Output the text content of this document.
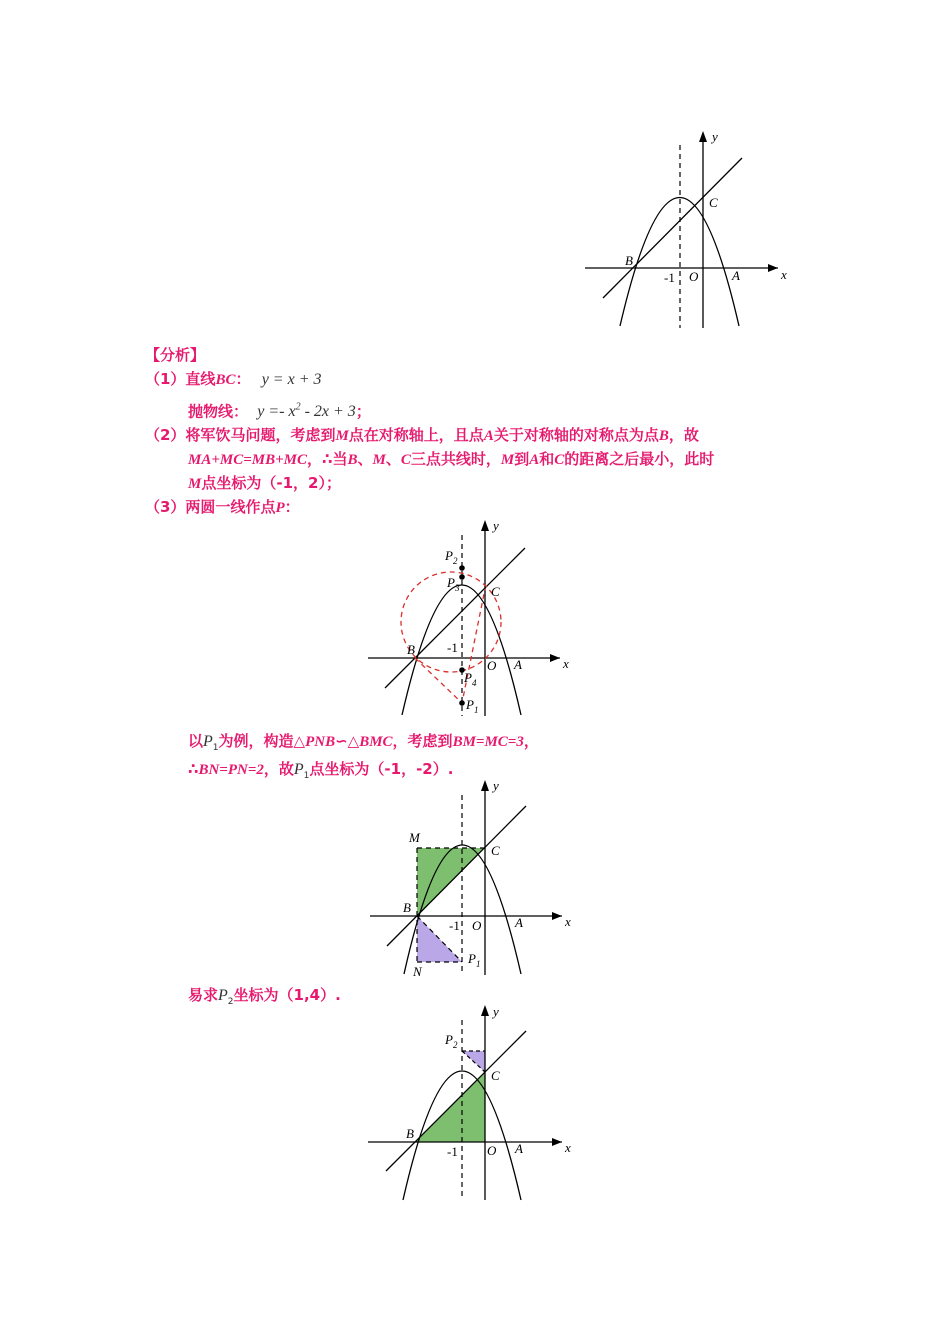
y
x
C
B
A
O
-1
【分析】
（1）直线BC： y = x + 3
抛物线： $y =- x^2 - 2x + 3$；
（2）将军饮马问题，考虑到M点在对称轴上，且点A关于对称轴的对称点为点B，故
MA+MC=MB+MC，∴当B、M、C三点共线时，M到A和C的距离之后最小，此时
M点坐标为（-1，2）；
（3）两圆一线作点P：
y
x
C
B
A
O
-1
$P_2$
$P_3$
$P_4$
$P_1$
以$P_1$为例，构造△PNB∽△BMC，考虑到BM=MC=3，
∴BN=PN=2，故$P_1$点坐标为（-1，-2）.
y
x
C
B
M
N
A
O
-1
$P_1$
易求$P_2$坐标为（1,4）.
y
x
C
B
A
O
-1
$P_2$
